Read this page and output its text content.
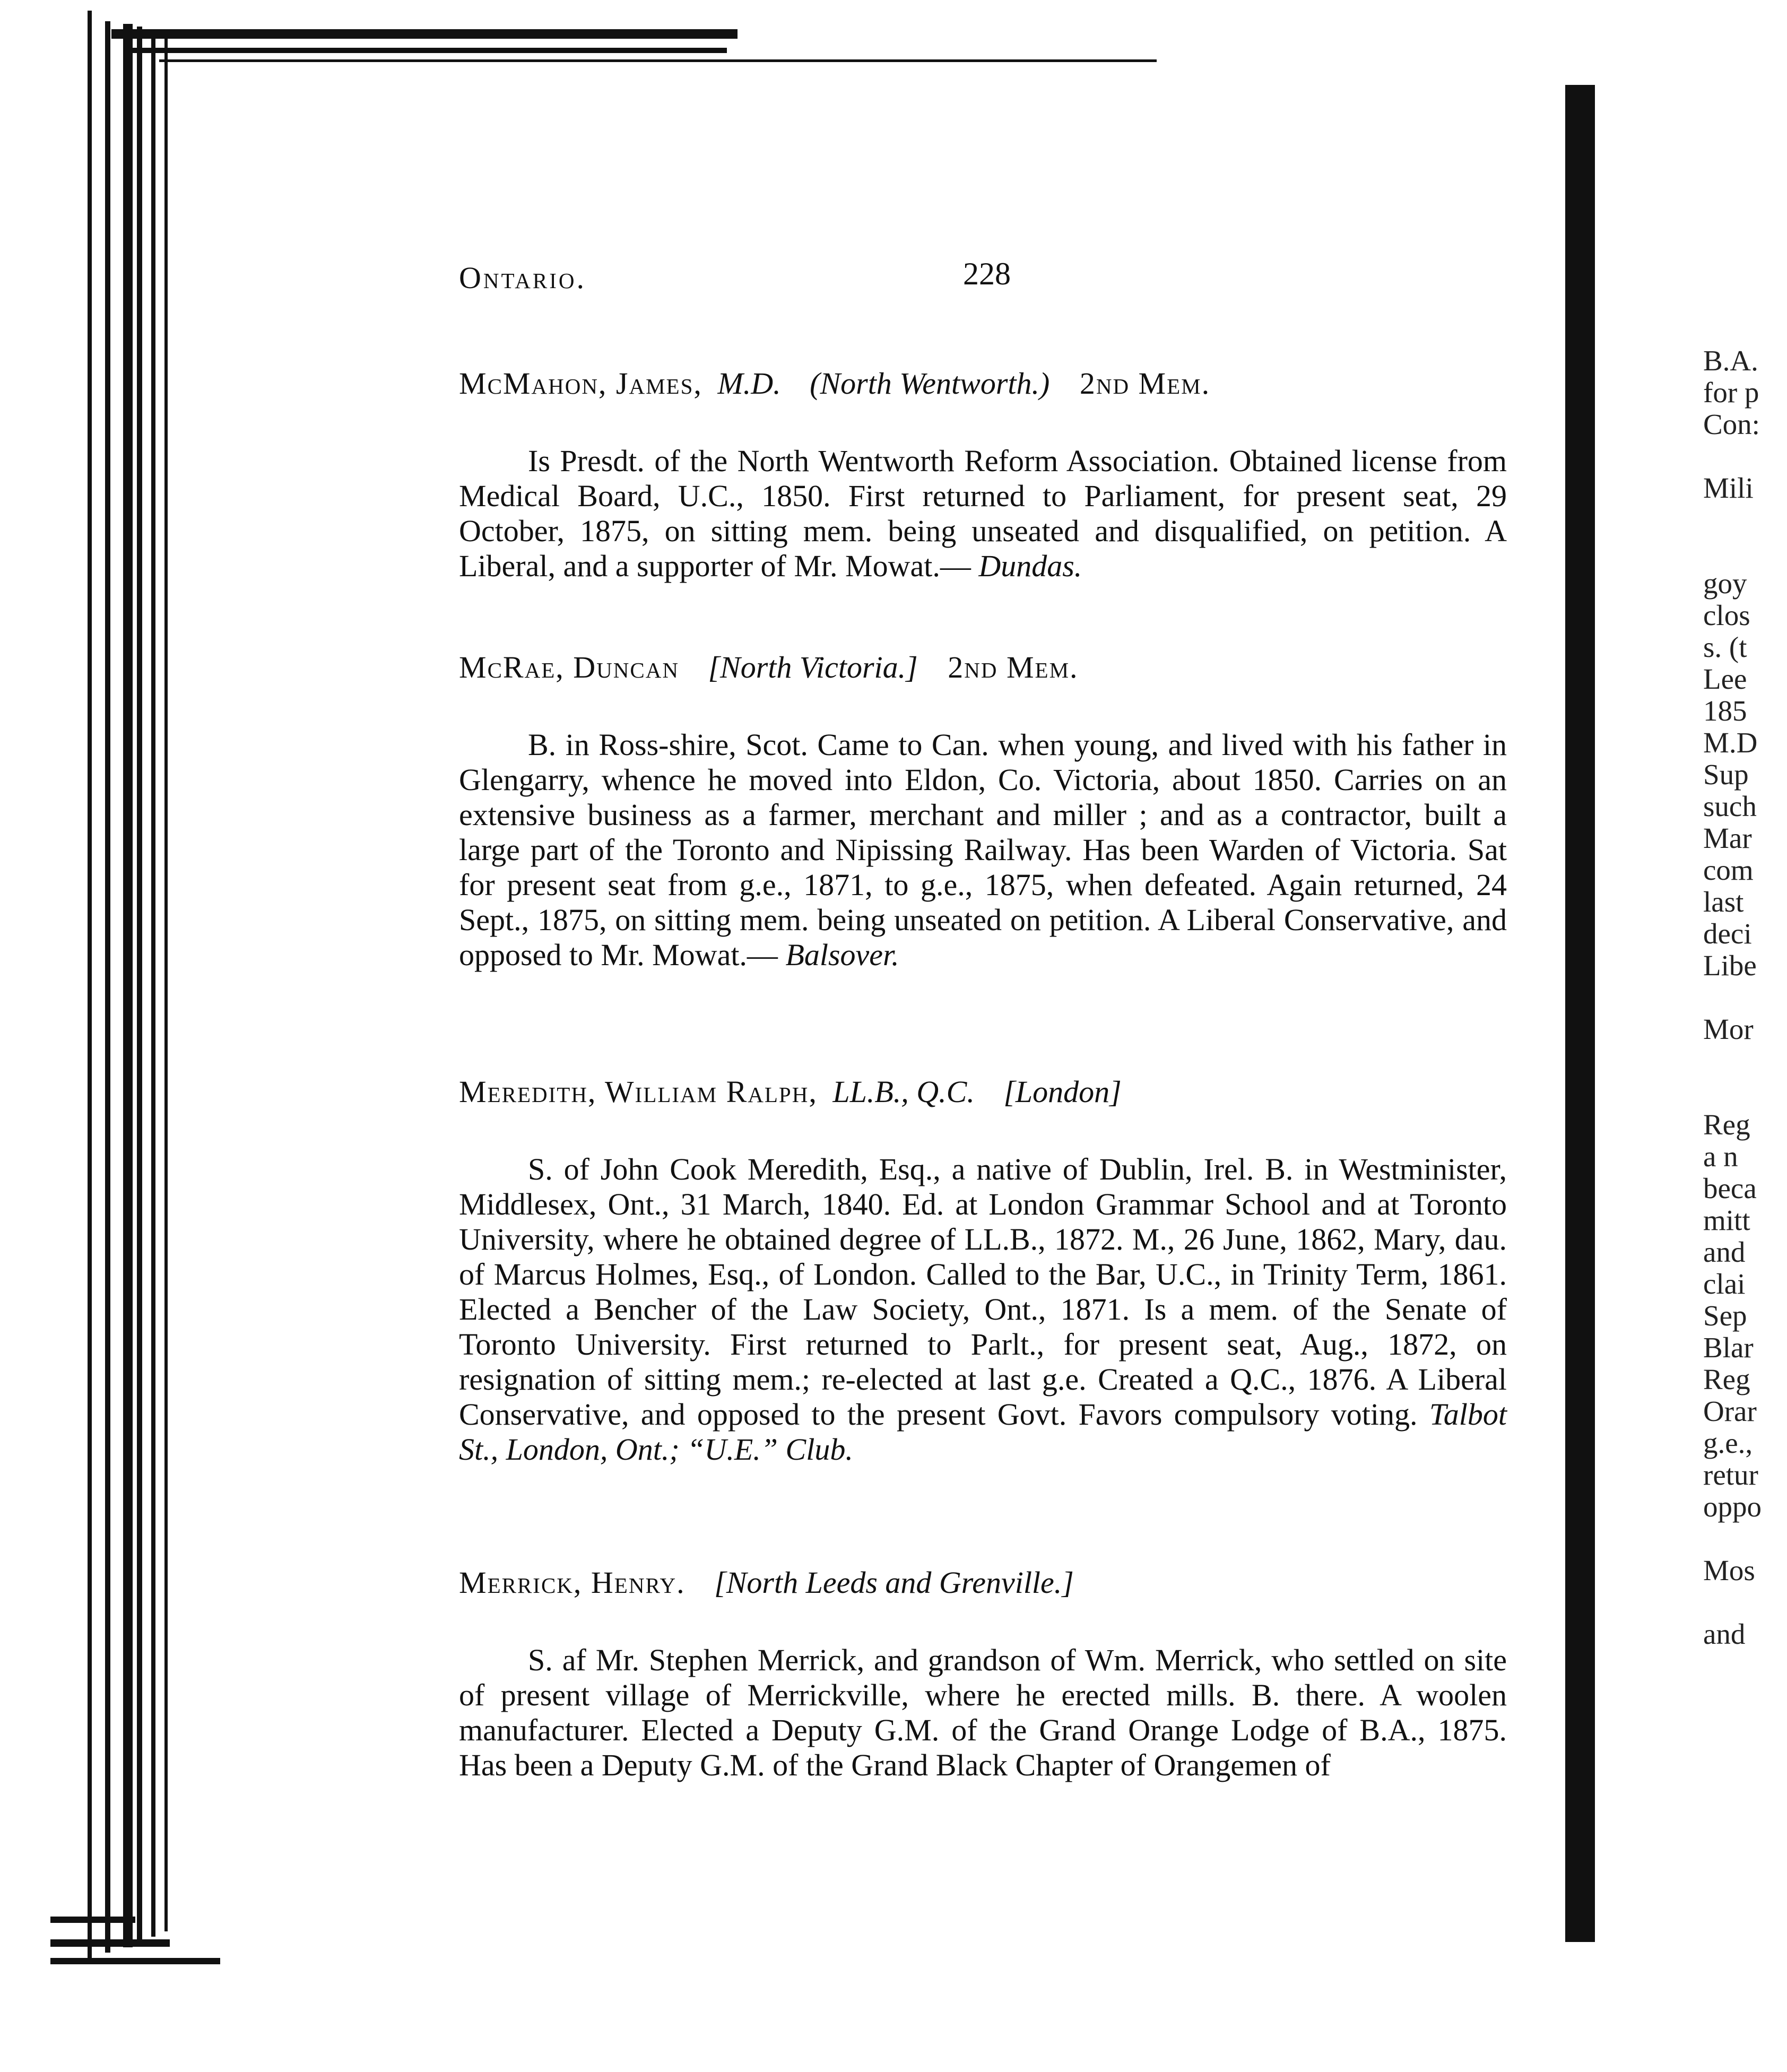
B.A.
for p
Con:
Mili
goy
clos
s. (t
Lee
185
M.D
Sup
such
Mar
com
last
deci
Libe
Mor
Reg
a n
beca
mitt
and
clai
Sep
Blar
Reg
Orar
g.e.,
retur
oppo
Mos
and
Ontario.	228
McMahon, James, M.D. (North Wentworth.) 2nd Mem.
Is Presdt. of the North Wentworth Reform Association. Obtained license from Medical Board, U.C., 1850. First returned to Parliament, for present seat, 29 October, 1875, on sitting mem. being unseated and disqualified, on petition. A Liberal, and a supporter of Mr. Mowat.— Dundas.
McRae, Duncan [North Victoria.] 2nd Mem.
B. in Ross-shire, Scot. Came to Can. when young, and lived with his father in Glengarry, whence he moved into Eldon, Co. Victoria, about 1850. Carries on an extensive business as a farmer, merchant and miller ; and as a contractor, built a large part of the Toronto and Nipissing Railway. Has been Warden of Victoria. Sat for present seat from g.e., 1871, to g.e., 1875, when defeated. Again returned, 24 Sept., 1875, on sitting mem. being unseated on petition. A Liberal Conservative, and opposed to Mr. Mowat.— Balsover.
Meredith, William Ralph, LL.B., Q.C. [London]
S. of John Cook Meredith, Esq., a native of Dublin, Irel. B. in Westminister, Middlesex, Ont., 31 March, 1840. Ed. at London Grammar School and at Toronto University, where he obtained degree of LL.B., 1872. M., 26 June, 1862, Mary, dau. of Marcus Holmes, Esq., of London. Called to the Bar, U.C., in Trinity Term, 1861. Elected a Bencher of the Law Society, Ont., 1871. Is a mem. of the Senate of Toronto University. First returned to Parlt., for present seat, Aug., 1872, on resignation of sitting mem.; re-elected at last g.e. Created a Q.C., 1876. A Liberal Conservative, and opposed to the present Govt. Favors compulsory voting. Talbot St., London, Ont.; “U.E.” Club.
Merrick, Henry. [North Leeds and Grenville.]
S. af Mr. Stephen Merrick, and grandson of Wm. Merrick, who settled on site of present village of Merrickville, where he erected mills. B. there. A woolen manufacturer. Elected a Deputy G.M. of the Grand Orange Lodge of B.A., 1875. Has been a Deputy G.M. of the Grand Black Chapter of Orangemen of
